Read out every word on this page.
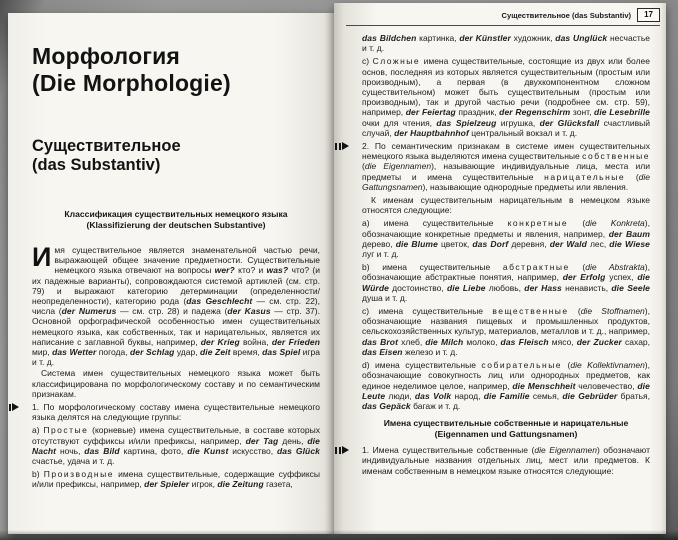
Морфология
(Die Morphologie)
Существительное
(das Substantiv)
Классификация существительных немецкого языка
(Klassifizierung der deutschen Substantive)
Имя существительное является знаменательной частью речи, выражающей общее значение предметности. Существительные немецкого языка отвечают на вопросы wer? кто? и was? что? (и их падежные варианты), сопровождаются системой артиклей (см. стр. 79) и выражают категорию детерминации (определенности/неопределенности), категорию рода (das Geschlecht — см. стр. 22), числа (der Numerus — см. стр. 28) и падежа (der Kasus — стр. 37). Основной орфографической особенностью имен существительных немецкого языка, как собственных, так и нарицательных, является их написание с заглавной буквы, например, der Krieg война, der Frieden мир, das Wetter погода, der Schlag удар, die Zeit время, das Spiel игра и т. д.
Система имен существительных немецкого языка может быть классифицирована по морфологическому составу и по семантическим признакам.
1. По морфологическому составу имена существительные немецкого языка делятся на следующие группы:
a) Простые (корневые) имена существительные, в составе которых отсутствуют суффиксы и/или префиксы, например, der Tag день, die Nacht ночь, das Bild картина, фото, die Kunst искусство, das Glück счастье, удача и т. д.
b) Производные имена существительные, содержащие суффиксы и/или префиксы, например, der Spieler игрок, die Zeitung газета,
Существительное (das Substantiv)	17
das Bildchen картинка, der Künstler художник, das Unglück несчастье и т. д.
c) Сложные имена существительные, состоящие из двух или более основ, последняя из которых является существительным (простым или производным), а первая (в двухкомпонентном сложном существительном) может быть существительным (простым или производным), так и другой частью речи (подробнее см. стр. 59), например, der Feiertag праздник, der Regenschirm зонт, die Lesebrille очки для чтения, das Spielzeug игрушка, der Glücksfall счастливый случай, der Hauptbahnhof центральный вокзал и т. д.
2. По семантическим признакам в системе имен существительных немецкого языка выделяются имена существительные собственные (die Eigennamen), называющие индивидуальные лица, места или предметы и имена существительные нарицательные (die Gattungsnamen), называющие однородные предметы или явления.
К именам существительным нарицательным в немецком языке относятся следующие:
a) имена существительные конкретные (die Konkreta), обозначающие конкретные предметы и явления, например, der Baum дерево, die Blume цветок, das Dorf деревня, der Wald лес, die Wiese луг и т. д.
b) имена существительные абстрактные (die Abstrakta), обозначающие абстрактные понятия, например, der Erfolg успех, die Würde достоинство, die Liebe любовь, der Hass ненависть, die Seele душа и т. д.
c) имена существительные вещественные (die Stoffnamen), обозначающие названия пищевых и промышленных продуктов, сельскохозяйственных культур, материалов, металлов и т. д., например, das Brot хлеб, die Milch молоко, das Fleisch мясо, der Zucker сахар, das Eisen железо и т. д.
d) имена существительные собирательные (die Kollektivnamen), обозначающие совокупность лиц или однородных предметов, как единое неделимое целое, например, die Menschheit человечество, die Leute люди, das Volk народ, die Familie семья, die Gebrüder братья, das Gepäck багаж и т. д.
Имена существительные собственные и нарицательные
(Eigennamen und Gattungsnamen)
1. Имена существительные собственные (die Eigennamen) обозначают индивидуальные названия отдельных лиц, мест или предметов. К именам собственным в немецком языке относятся следующие:
